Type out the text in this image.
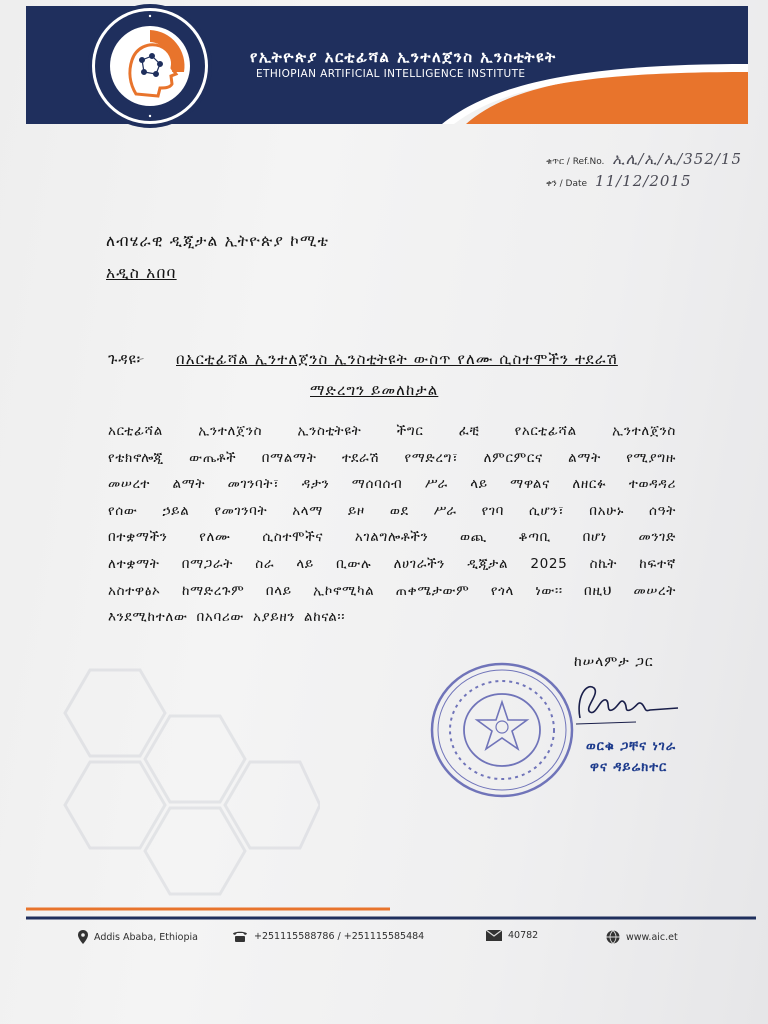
የኢትዮጵያ አርቲፊሻል ኢንተለጀንስ ኢንስቲትዩት
ETHIOPIAN ARTIFICIAL INTELLIGENCE INSTITUTE
ቁጥር / Ref.No. ኢሊ/ኢ/ኢ/352/15
ቀን / Date 11/12/2015
ለብሄራዊ ዲጂታል ኢትዮጵያ ኮሚቴ
አዲስ አበባ
ጉዳዩ፦ በአርቲፊሻል ኢንተለጀንስ ኢንስቲትዩት ውስጥ የለሙ ሲስተሞችን ተደራሽ
ማድረግን ይመለከታል
አርቲፊሻል ኢንተለጀንስ ኢንስቲትዩት ችግር ፈቺ የአርቲፊሻል ኢንተለጀንስ
የቴክኖሎጂ ውጤቶች በማልማት ተደራሽ የማድረግ፣ ለምርምርና ልማት የሚያግዙ
መሠረተ ልማት መገንባት፣ ዳታን ማሰባሰብ ሥራ ላይ ማዋልና ለዘርፉ ተወዳዳሪ
የሰው ኃይል የመገንባት አላማ ይዞ ወደ ሥራ የገባ ሲሆን፣ በአሁኑ ሰዓት
በተቋማችን የለሙ ሲስተሞችና አገልግሎቶችን ወጪ ቆጣቢ በሆነ መንገድ
ለተቋማት በማጋራት ስራ ላይ ቢውሉ ለሀገራችን ዲጂታል 2025 ስኬት ከፍተኛ
አስተዋፅኦ ከማድረጉም በላይ ኢኮኖሚካል ጠቀሜታውም የጎላ ነው፡፡ በዚህ መሠረት
እንደሚከተለው በአባሪው አያይዘን ልከናል፡፡
ከሠላምታ ጋር
ወርቁ ጋቸና ነገራ
ዋና ዳይሬክተር
Addis Ababa, Ethiopia	+251115588786 / +251115585484	40782	www.aic.et
